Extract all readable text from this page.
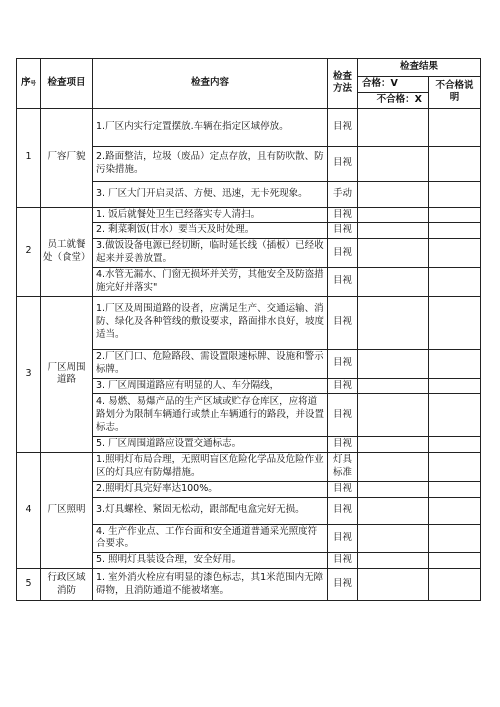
序号	检查项目	检查内容	检查方法	检查结果	
				合格：V	不合格说明
				不合格：X	
1	厂容厂貌	1.厂区内实行定置摆放.车辆在指定区域停放。	目视		
		2.路面整洁，垃圾（废品）定点存放，且有防吹散、防污染措施。	目视		
		3. 厂区大门开启灵活、方便、迅速，无卡死现象。	手动		
2	员工就餐处（食堂）	1. 饭后就餐处卫生已经落实专人清扫。	目视		
		2. 剩菜剩饭(甘水）要当天及时处理。	目视		
		3.做饭设备电源已经切断，临时延长线（插板）已经收起来并妥善放置。	目视		
		4.水管无漏水、门窗无损坏并关劳，其他安全及防盗措施完好并落实"	目视		
3	厂区周围道路	1.厂区及周围道路的设者，应满足生产、交通运输、消防、绿化及各种管线的敷设要求，路面排水良好，坡度适当。	目视		
		2.厂区门口、危险路段、需设置限速标牌、设施和警示标牌。	目视		
		3. 厂区周围道路应有明显的人、车分隔线，	目视		
		4. 易燃、易爆产品的生产区域或贮存仓库区，应将道路划分为限制车辆通行或禁止车辆通行的路段，并设置标志。	目视		
		5. 厂区周围道路应设置交通标志。	目视		
4	厂区照明	1.照明灯布局合理，无照明盲区危险化学品及危险作业区的灯具应有防爆措施。	灯具标准		
		2.照明灯具完好率达100%。	目视		
		3.灯具螺栓、紧固无松动，跟部配电盒完好无损。	目视		
		4. 生产作业点、工作台面和安全通道普通采光照度符合要求。	目视		
		5. 照明灯具装设合理，安全好用。	目视		
5	行政区域消防	1. 室外消火栓应有明显的漆色标志，其1米范围内无障碍物，且消防通道不能被堵塞。	目视		
